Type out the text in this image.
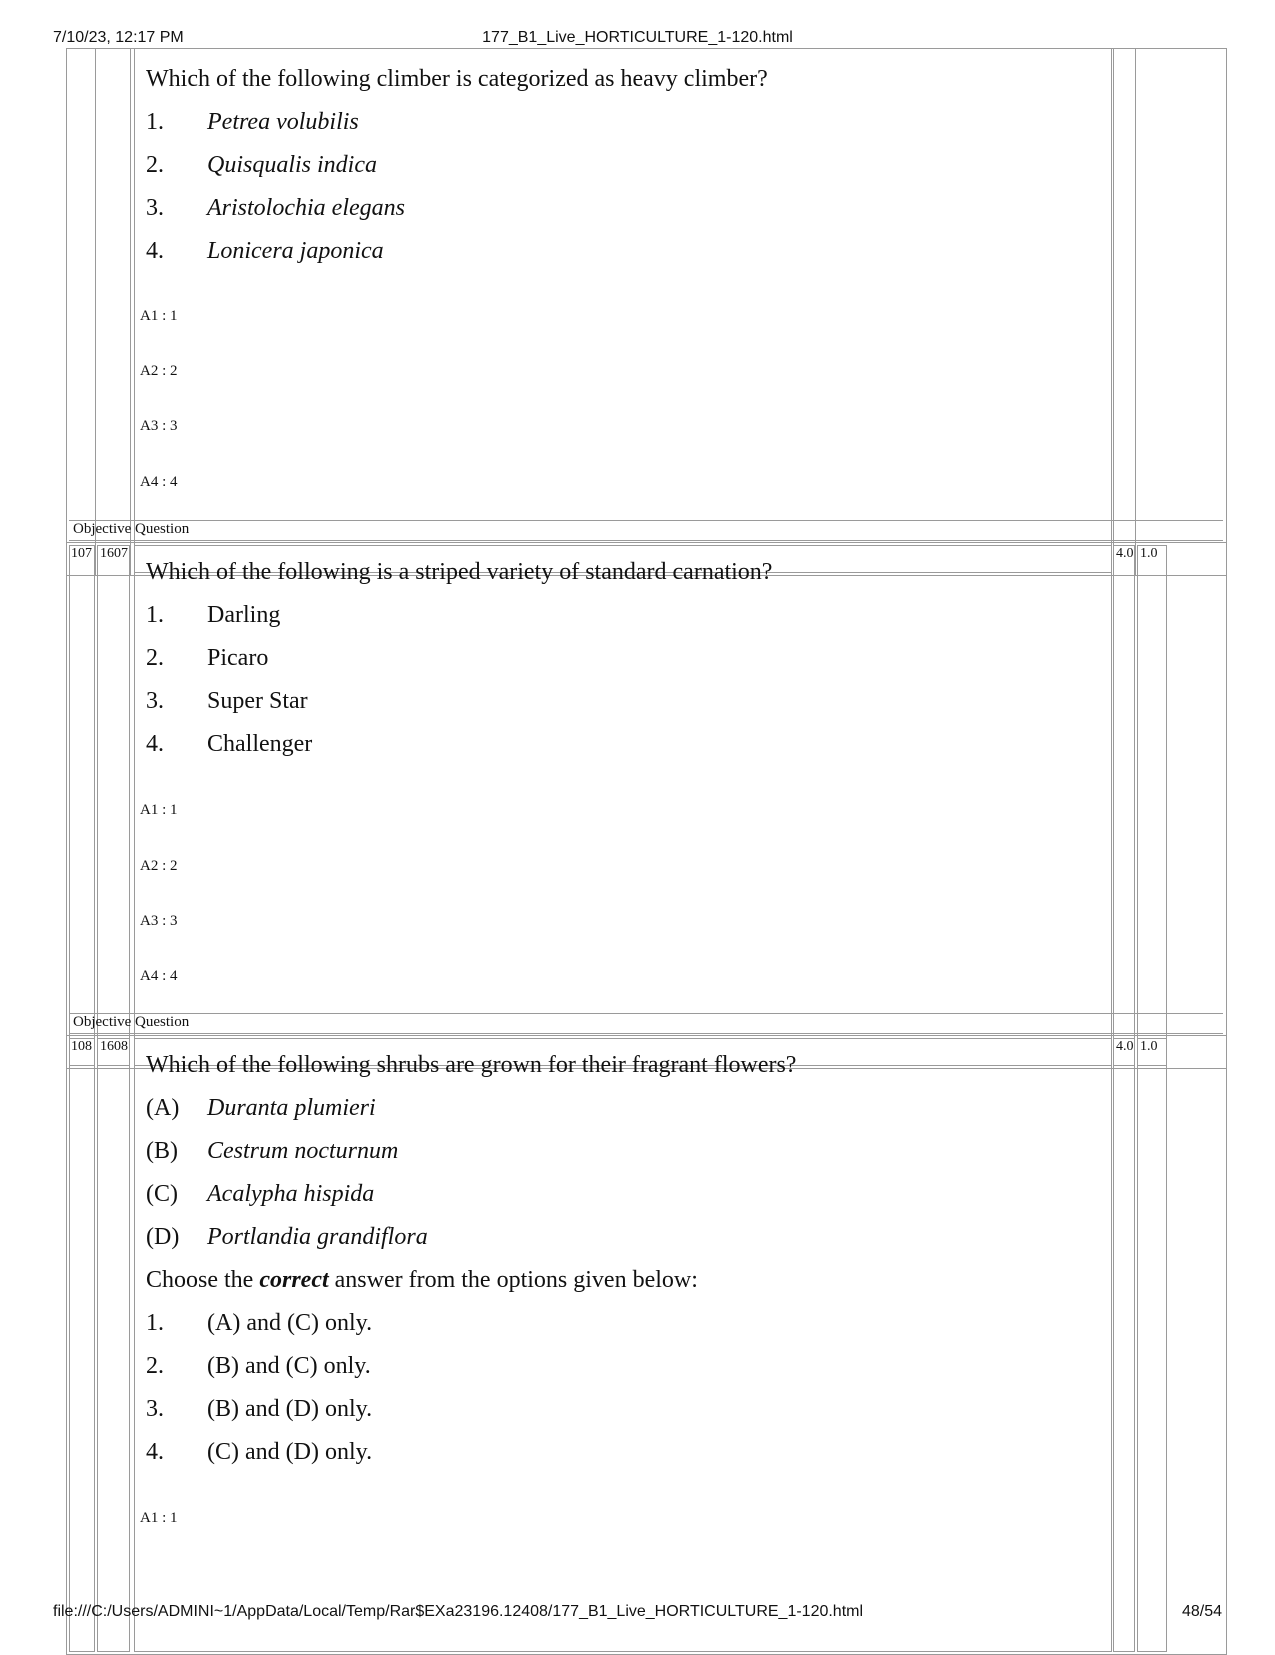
7/10/23, 12:17 PM	177_B1_Live_HORTICULTURE_1-120.html
Which of the following climber is categorized as heavy climber?
1.	Petrea volubilis
2.	Quisqualis indica
3.	Aristolochia elegans
4.	Lonicera japonica
A1 : 1
A2 : 2
A3 : 3
A4 : 4
Objective Question
107 1607	4.0 1.0
Which of the following is a striped variety of standard carnation?
1.	Darling
2.	Picaro
3.	Super Star
4.	Challenger
A1 : 1
A2 : 2
A3 : 3
A4 : 4
Objective Question
108 1608	4.0 1.0
Which of the following shrubs are grown for their fragrant flowers?
(A)	Duranta plumieri
(B)	Cestrum nocturnum
(C)	Acalypha hispida
(D)	Portlandia grandiflora
Choose the correct answer from the options given below:
1.	(A) and (C) only.
2.	(B) and (C) only.
3.	(B) and (D) only.
4.	(C) and (D) only.
A1 : 1
file:///C:/Users/ADMINI~1/AppData/Local/Temp/Rar$EXa23196.12408/177_B1_Live_HORTICULTURE_1-120.html	48/54
